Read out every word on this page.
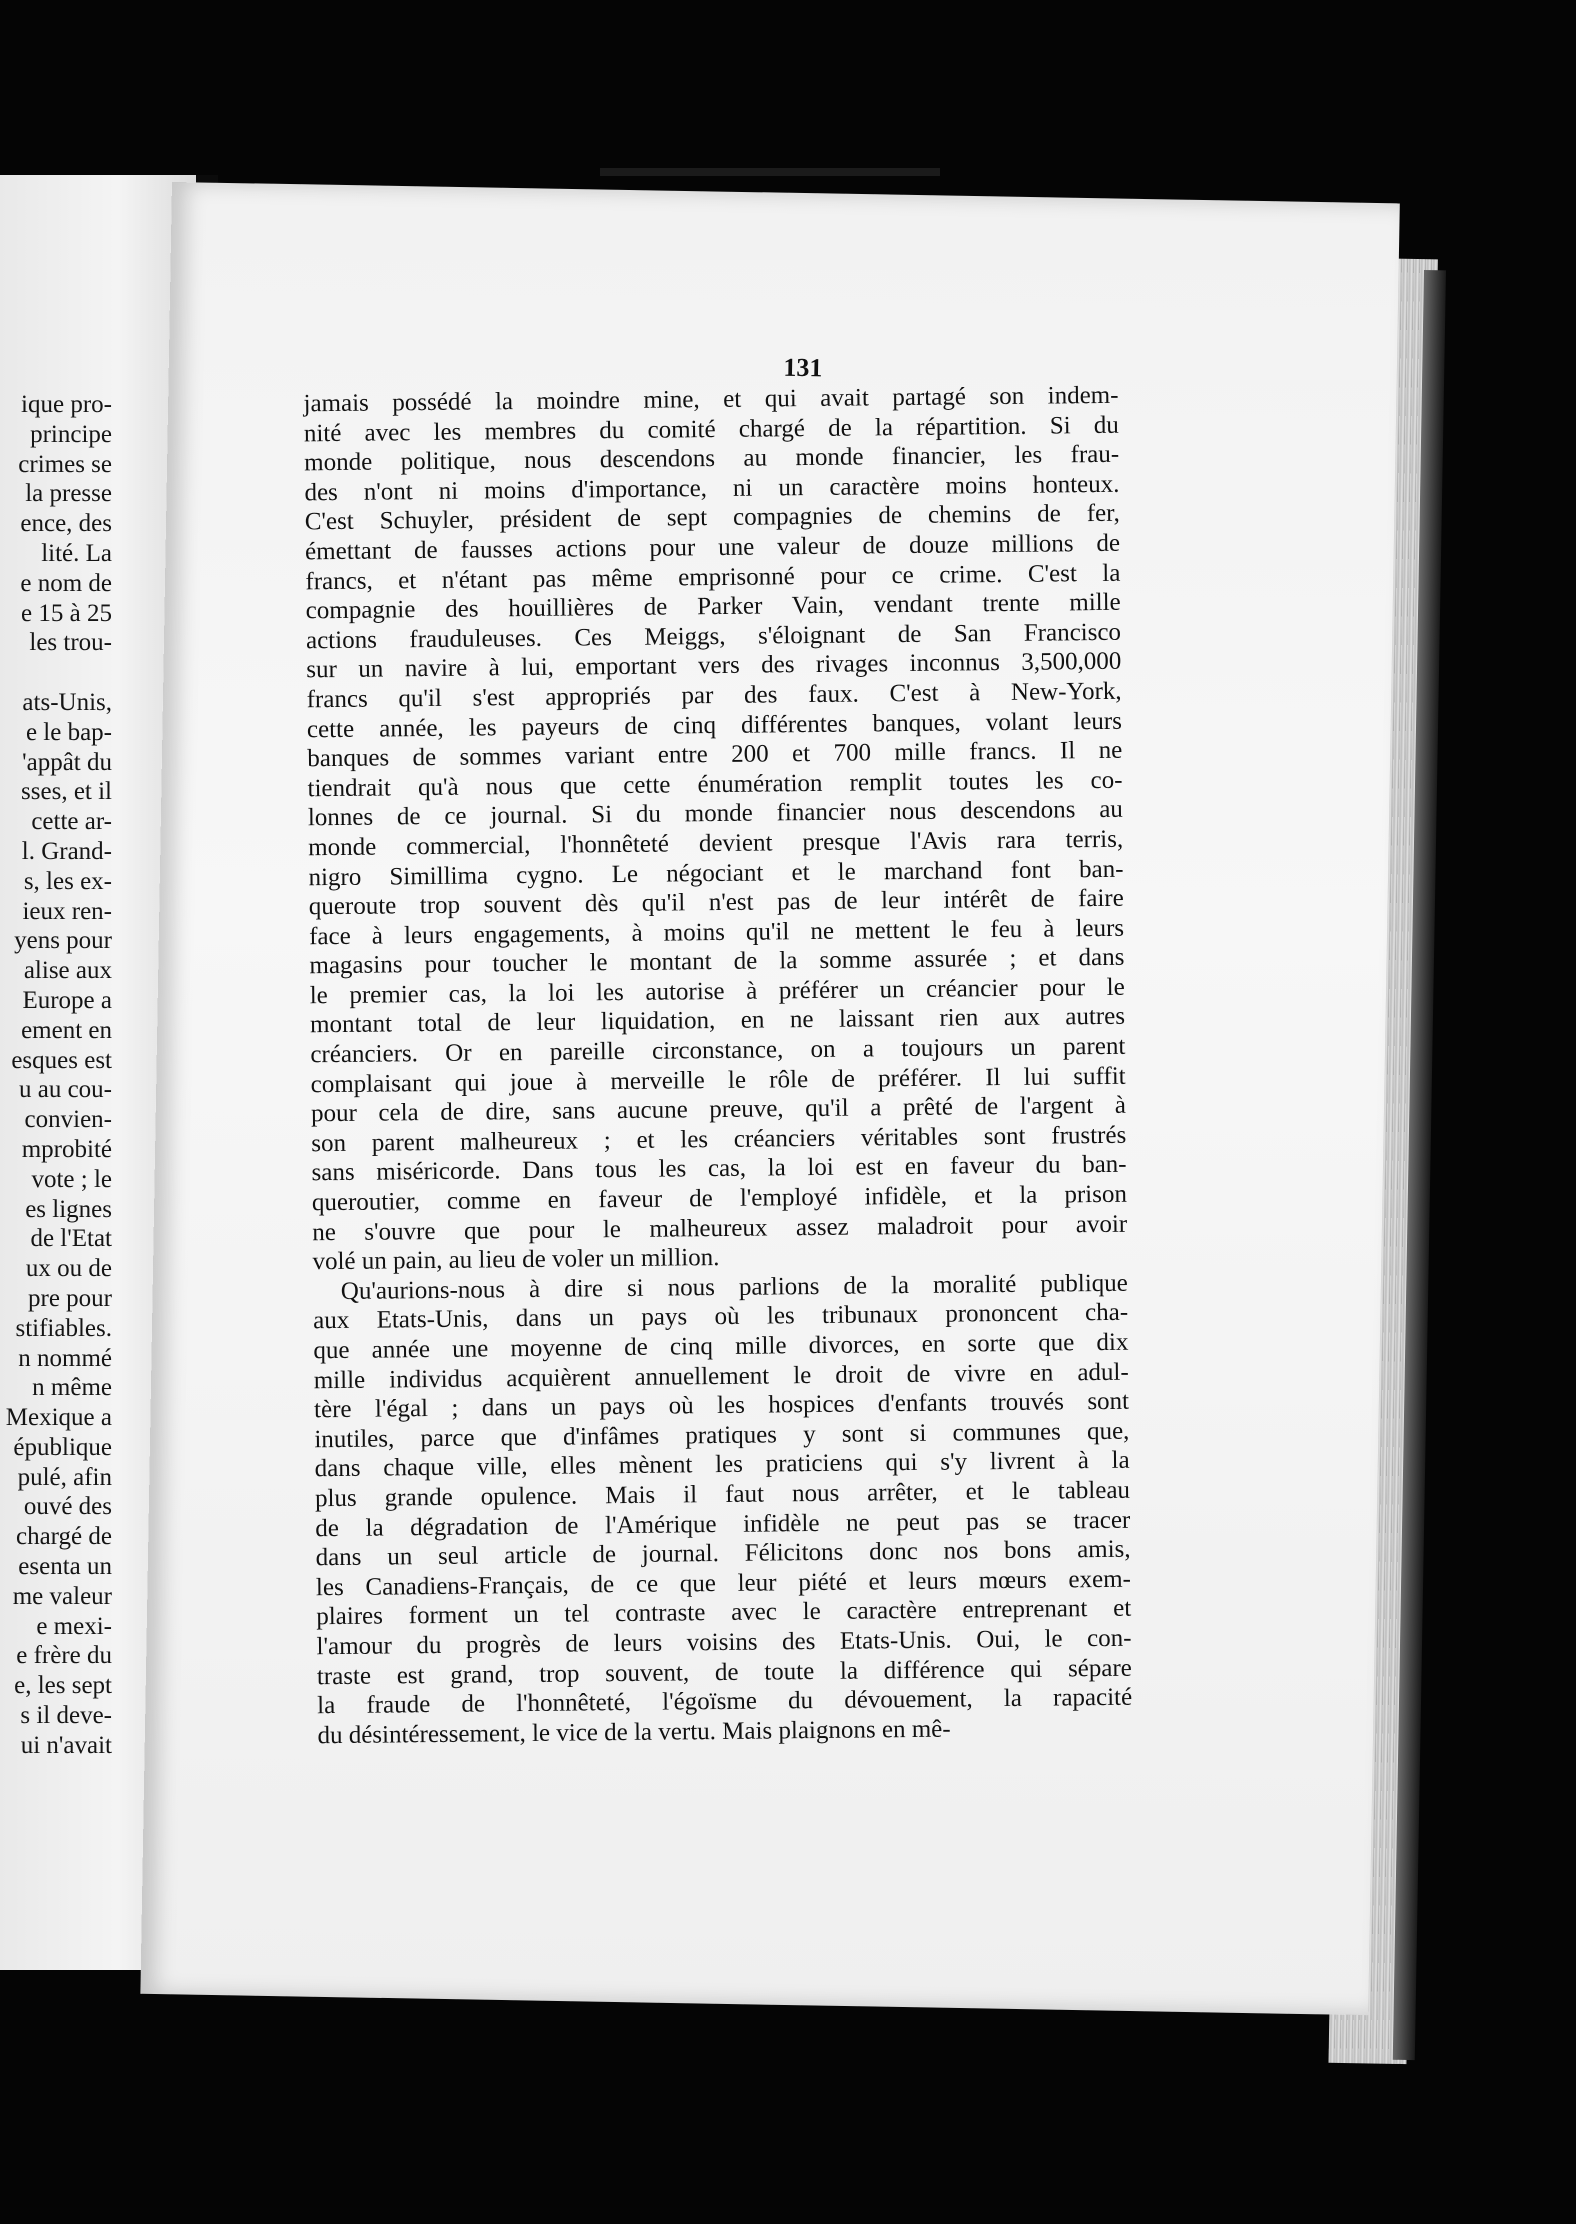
ique pro-
principe
crimes se
la presse
ence, des
lité. La
e nom de
e 15 à 25
les trou-
ats-Unis,
e le bap-
'appât du
sses, et il
cette ar-
l. Grand-
s, les ex-
ieux ren-
yens pour
alise aux
Europe a
ement en
esques est
u au cou-
convien-
mprobité
vote ; le
es lignes
de l'Etat
ux ou de
pre pour
stifiables.
n nommé
n même
Mexique a
épublique
pulé, afin
ouvé des
chargé de
esenta un
me valeur
e mexi-
e frère du
e, les sept
s il deve-
ui n'avait
131
jamais possédé la moindre mine, et qui avait partagé son indem-
nité avec les membres du comité chargé de la répartition. Si du
monde politique, nous descendons au monde financier, les frau-
des n'ont ni moins d'importance, ni un caractère moins honteux.
C'est Schuyler, président de sept compagnies de chemins de fer,
émettant de fausses actions pour une valeur de douze millions de
francs, et n'étant pas même emprisonné pour ce crime. C'est la
compagnie des houillières de Parker Vain, vendant trente mille
actions frauduleuses. Ces Meiggs, s'éloignant de San Francisco
sur un navire à lui, emportant vers des rivages inconnus 3,500,000
francs qu'il s'est appropriés par des faux. C'est à New-York,
cette année, les payeurs de cinq différentes banques, volant leurs
banques de sommes variant entre 200 et 700 mille francs. Il ne
tiendrait qu'à nous que cette énumération remplit toutes les co-
lonnes de ce journal. Si du monde financier nous descendons au
monde commercial, l'honnêteté devient presque l'Avis rara terris,
nigro Simillima cygno. Le négociant et le marchand font ban-
queroute trop souvent dès qu'il n'est pas de leur intérêt de faire
face à leurs engagements, à moins qu'il ne mettent le feu à leurs
magasins pour toucher le montant de la somme assurée ; et dans
le premier cas, la loi les autorise à préférer un créancier pour le
montant total de leur liquidation, en ne laissant rien aux autres
créanciers. Or en pareille circonstance, on a toujours un parent
complaisant qui joue à merveille le rôle de préférer. Il lui suffit
pour cela de dire, sans aucune preuve, qu'il a prêté de l'argent à
son parent malheureux ; et les créanciers véritables sont frustrés
sans miséricorde. Dans tous les cas, la loi est en faveur du ban-
queroutier, comme en faveur de l'employé infidèle, et la prison
ne s'ouvre que pour le malheureux assez maladroit pour avoir
volé un pain, au lieu de voler un million.
Qu'aurions-nous à dire si nous parlions de la moralité publique
aux Etats-Unis, dans un pays où les tribunaux prononcent cha-
que année une moyenne de cinq mille divorces, en sorte que dix
mille individus acquièrent annuellement le droit de vivre en adul-
tère l'égal ; dans un pays où les hospices d'enfants trouvés sont
inutiles, parce que d'infâmes pratiques y sont si communes que,
dans chaque ville, elles mènent les praticiens qui s'y livrent à la
plus grande opulence. Mais il faut nous arrêter, et le tableau
de la dégradation de l'Amérique infidèle ne peut pas se tracer
dans un seul article de journal. Félicitons donc nos bons amis,
les Canadiens-Français, de ce que leur piété et leurs mœurs exem-
plaires forment un tel contraste avec le caractère entreprenant et
l'amour du progrès de leurs voisins des Etats-Unis. Oui, le con-
traste est grand, trop souvent, de toute la différence qui sépare
la fraude de l'honnêteté, l'égoïsme du dévouement, la rapacité
du désintéressement, le vice de la vertu. Mais plaignons en mê-
